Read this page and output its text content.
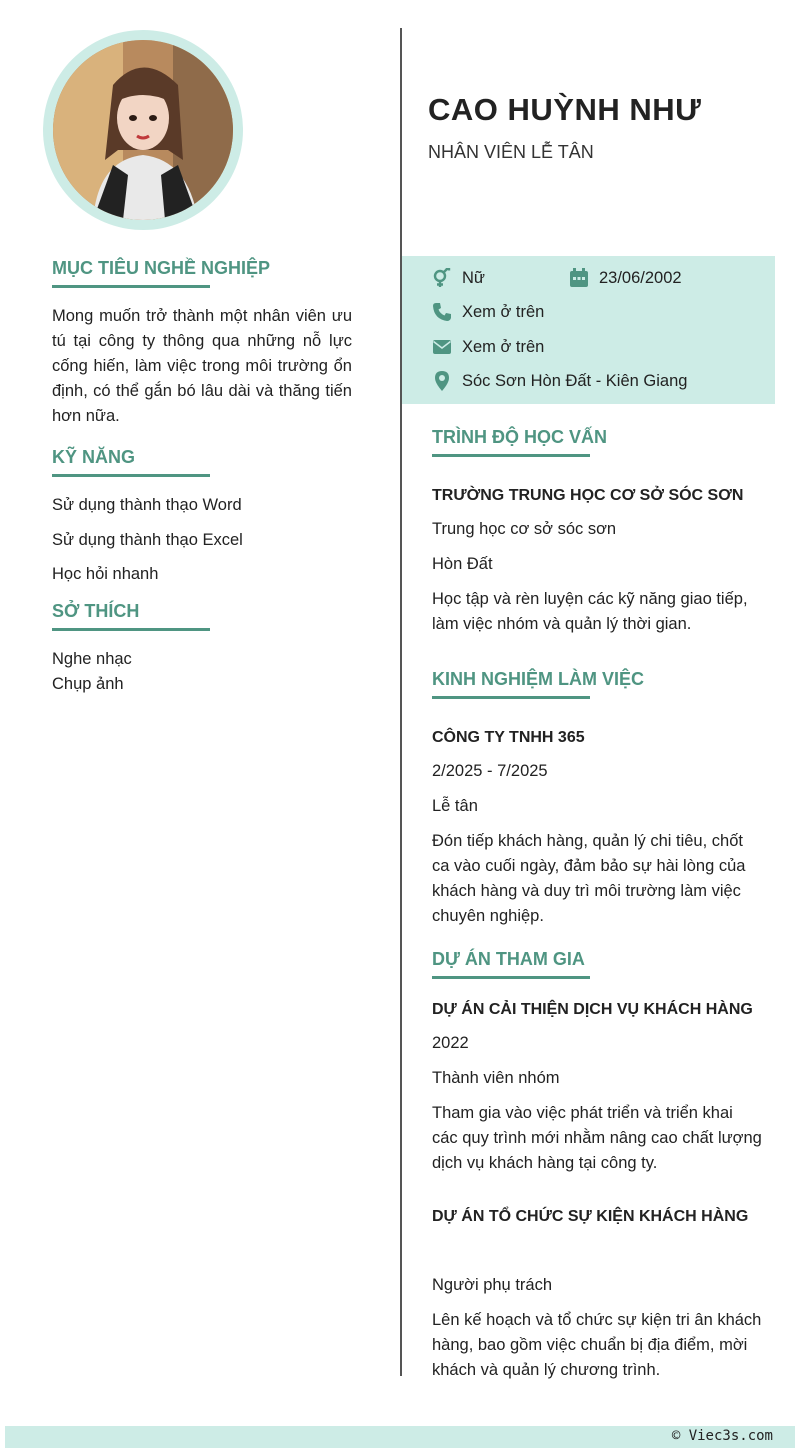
MỤC TIÊU NGHỀ NGHIỆP

Mong muốn trở thành một nhân viên ưu tú tại công ty thông qua những nỗ lực cống hiến, làm việc trong môi trường ổn định, có thể gắn bó lâu dài và thăng tiến hơn nữa.

KỸ NĂNG

Sử dụng thành thạo Word

Sử dụng thành thạo Excel

Học hỏi nhanh

SỞ THÍCH

Nghe nhạc

Chụp ảnh

CAO HUỲNH NHƯ

NHÂN VIÊN LỄ TÂN

Nữ	23/06/2002
Xem ở trên
Xem ở trên
Sóc Sơn Hòn Đất - Kiên Giang
TRÌNH ĐỘ HỌC VẤN

TRƯỜNG TRUNG HỌC CƠ SỞ SÓC SƠN

Trung học cơ sở sóc sơn

Hòn Đất

Học tập và rèn luyện các kỹ năng giao tiếp, làm việc nhóm và quản lý thời gian.

KINH NGHIỆM LÀM VIỆC

CÔNG TY TNHH 365

2/2025 - 7/2025

Lễ tân

Đón tiếp khách hàng, quản lý chi tiêu, chốt ca vào cuối ngày, đảm bảo sự hài lòng của khách hàng và duy trì môi trường làm việc chuyên nghiệp.

DỰ ÁN THAM GIA

DỰ ÁN CẢI THIỆN DỊCH VỤ KHÁCH HÀNG

2022

Thành viên nhóm

Tham gia vào việc phát triển và triển khai các quy trình mới nhằm nâng cao chất lượng dịch vụ khách hàng tại công ty.

DỰ ÁN TỔ CHỨC SỰ KIỆN KHÁCH HÀNG

Người phụ trách

Lên kế hoạch và tổ chức sự kiện tri ân khách hàng, bao gồm việc chuẩn bị địa điểm, mời khách và quản lý chương trình.

© Viec3s.com
